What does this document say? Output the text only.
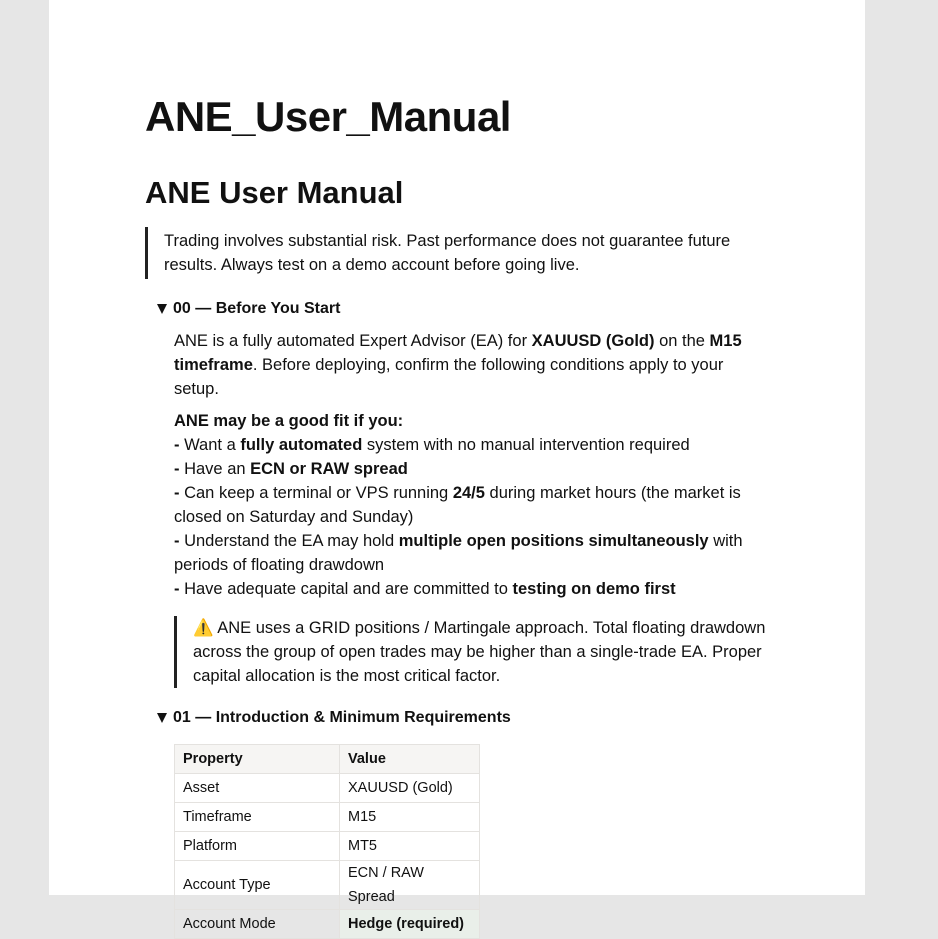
ANE_User_Manual
ANE User Manual
Trading involves substantial risk. Past performance does not guarantee future results. Always test on a demo account before going live.
00 — Before You Start

ANE is a fully automated Expert Advisor (EA) for XAUUSD (Gold) on the M15 timeframe. Before deploying, confirm the following conditions apply to your setup.

ANE may be a good fit if you:
- Want a fully automated system with no manual intervention required
- Have an ECN or RAW spread
- Can keep a terminal or VPS running 24/5 during market hours (the market is closed on Saturday and Sunday)
- Understand the EA may hold multiple open positions simultaneously with periods of floating drawdown
- Have adequate capital and are committed to testing on demo first
⚠️ ANE uses a GRID positions / Martingale approach. Total floating drawdown across the group of open trades may be higher than a single-trade EA. Proper capital allocation is the most critical factor.
01 — Introduction & Minimum Requirements
Property	Value
Asset	XAUUSD (Gold)
Timeframe	M15
Platform	MT5
Account Type	ECN / RAW Spread
Account Mode	Hedge (required)
